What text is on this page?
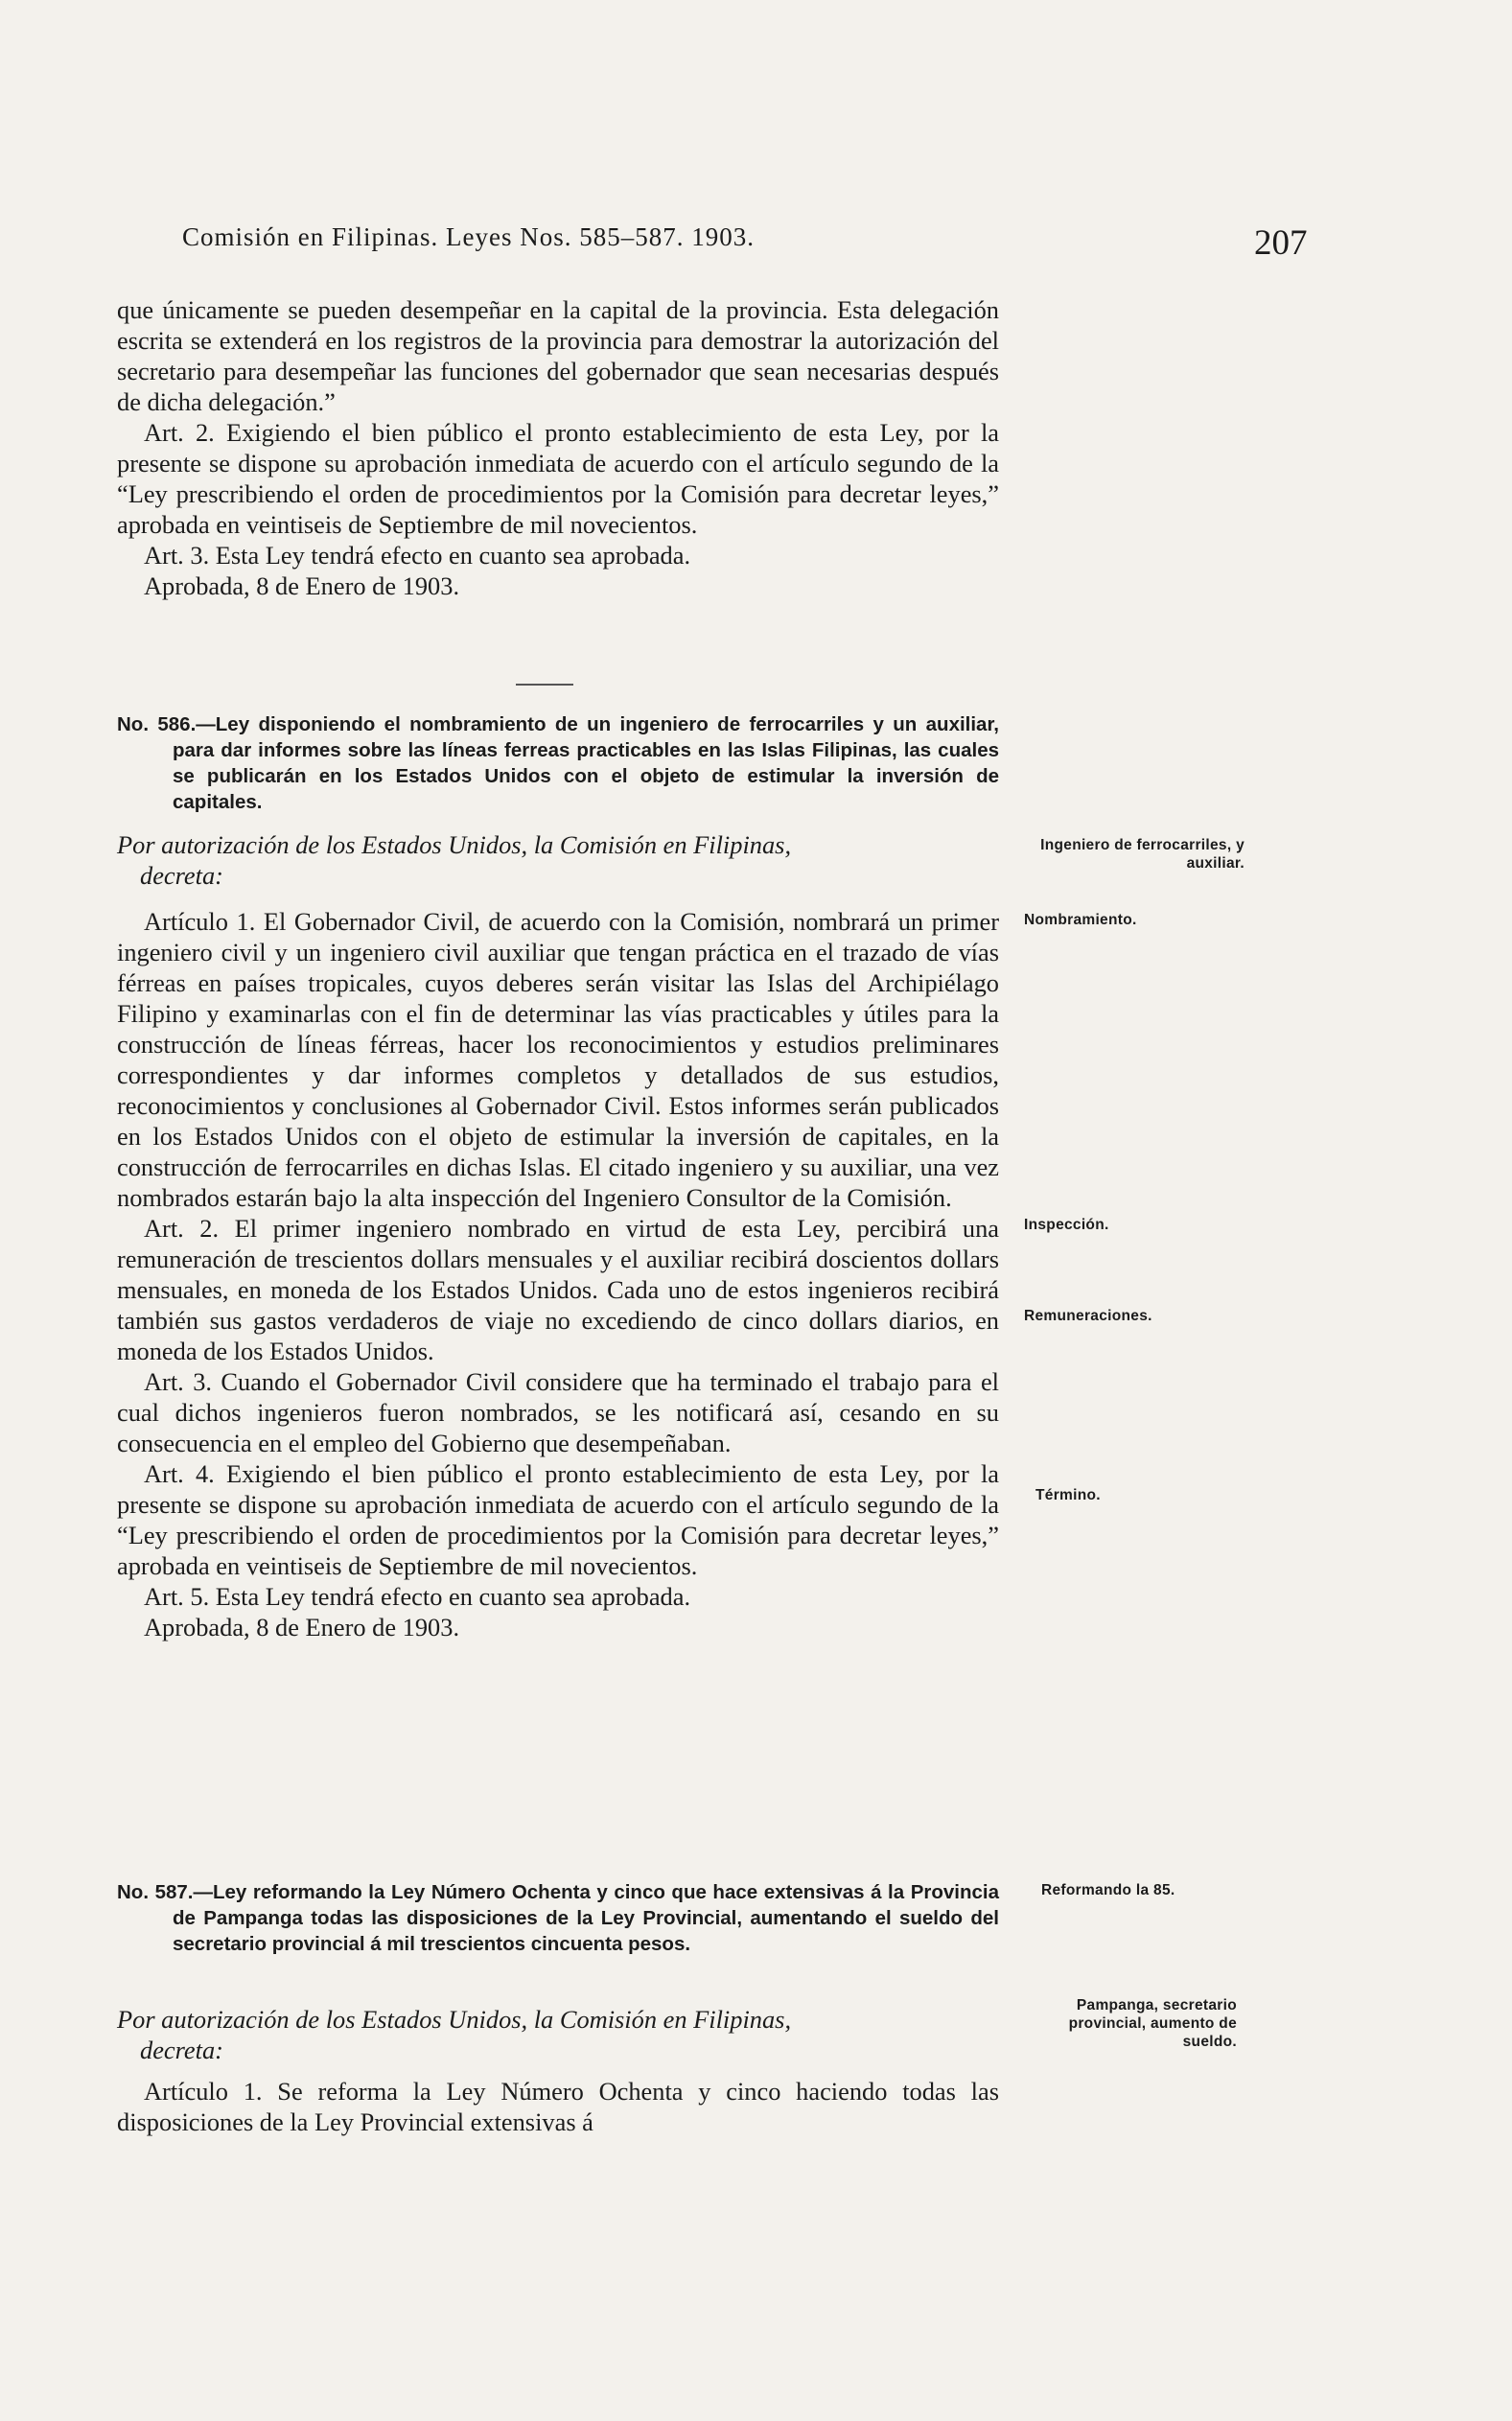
Comisión en Filipinas. Leyes Nos. 585–587. 1903.	207

que únicamente se pueden desempeñar en la capital de la provincia. Esta delegación escrita se extenderá en los registros de la provincia para demostrar la autorización del secretario para desempeñar las funciones del gobernador que sean necesarias después de dicha delegación.”

Art. 2. Exigiendo el bien público el pronto establecimiento de esta Ley, por la presente se dispone su aprobación inmediata de acuerdo con el artículo segundo de la “Ley prescribiendo el orden de procedimientos por la Comisión para decretar leyes,” aprobada en veintiseis de Septiembre de mil novecientos.

Art. 3. Esta Ley tendrá efecto en cuanto sea aprobada.

Aprobada, 8 de Enero de 1903.

No. 586.—Ley disponiendo el nombramiento de un ingeniero de ferrocarriles y un auxiliar, para dar informes sobre las líneas ferreas practicables en las Islas Filipinas, las cuales se publicarán en los Estados Unidos con el objeto de estimular la inversión de capitales.
Por autorización de los Estados Unidos, la Comisión en Filipinas,
decreta:

Artículo 1. El Gobernador Civil, de acuerdo con la Comisión, nombrará un primer ingeniero civil y un ingeniero civil auxiliar que tengan práctica en el trazado de vías férreas en países tropicales, cuyos deberes serán visitar las Islas del Archipiélago Filipino y examinarlas con el fin de determinar las vías practicables y útiles para la construcción de líneas férreas, hacer los reconocimientos y estudios preliminares correspondientes y dar informes completos y detallados de sus estudios, reconocimientos y conclusiones al Gobernador Civil. Estos informes serán publicados en los Estados Unidos con el objeto de estimular la inversión de capitales, en la construcción de ferrocarriles en dichas Islas. El citado ingeniero y su auxiliar, una vez nombrados estarán bajo la alta inspección del Ingeniero Consultor de la Comisión.

Art. 2. El primer ingeniero nombrado en virtud de esta Ley, percibirá una remuneración de trescientos dollars mensuales y el auxiliar recibirá doscientos dollars mensuales, en moneda de los Estados Unidos. Cada uno de estos ingenieros recibirá también sus gastos verdaderos de viaje no excediendo de cinco dollars diarios, en moneda de los Estados Unidos.

Art. 3. Cuando el Gobernador Civil considere que ha terminado el trabajo para el cual dichos ingenieros fueron nombrados, se les notificará así, cesando en su consecuencia en el empleo del Gobierno que desempeñaban.

Art. 4. Exigiendo el bien público el pronto establecimiento de esta Ley, por la presente se dispone su aprobación inmediata de acuerdo con el artículo segundo de la “Ley prescribiendo el orden de procedimientos por la Comisión para decretar leyes,” aprobada en veintiseis de Septiembre de mil novecientos.

Art. 5. Esta Ley tendrá efecto en cuanto sea aprobada.

Aprobada, 8 de Enero de 1903.

Ingeniero de ferrocarriles, y auxiliar.
Nombramiento.
Inspección.
Remuneraciones.
Término.
No. 587.—Ley reformando la Ley Número Ochenta y cinco que hace extensivas á la Provincia de Pampanga todas las disposiciones de la Ley Provincial, aumentando el sueldo del secretario provincial á mil trescientos cincuenta pesos.
Por autorización de los Estados Unidos, la Comisión en Filipinas,
decreta:

Artículo 1. Se reforma la Ley Número Ochenta y cinco haciendo todas las disposiciones de la Ley Provincial extensivas á

Reformando la 85.
Pampanga, secretario provincial, aumento de sueldo.
